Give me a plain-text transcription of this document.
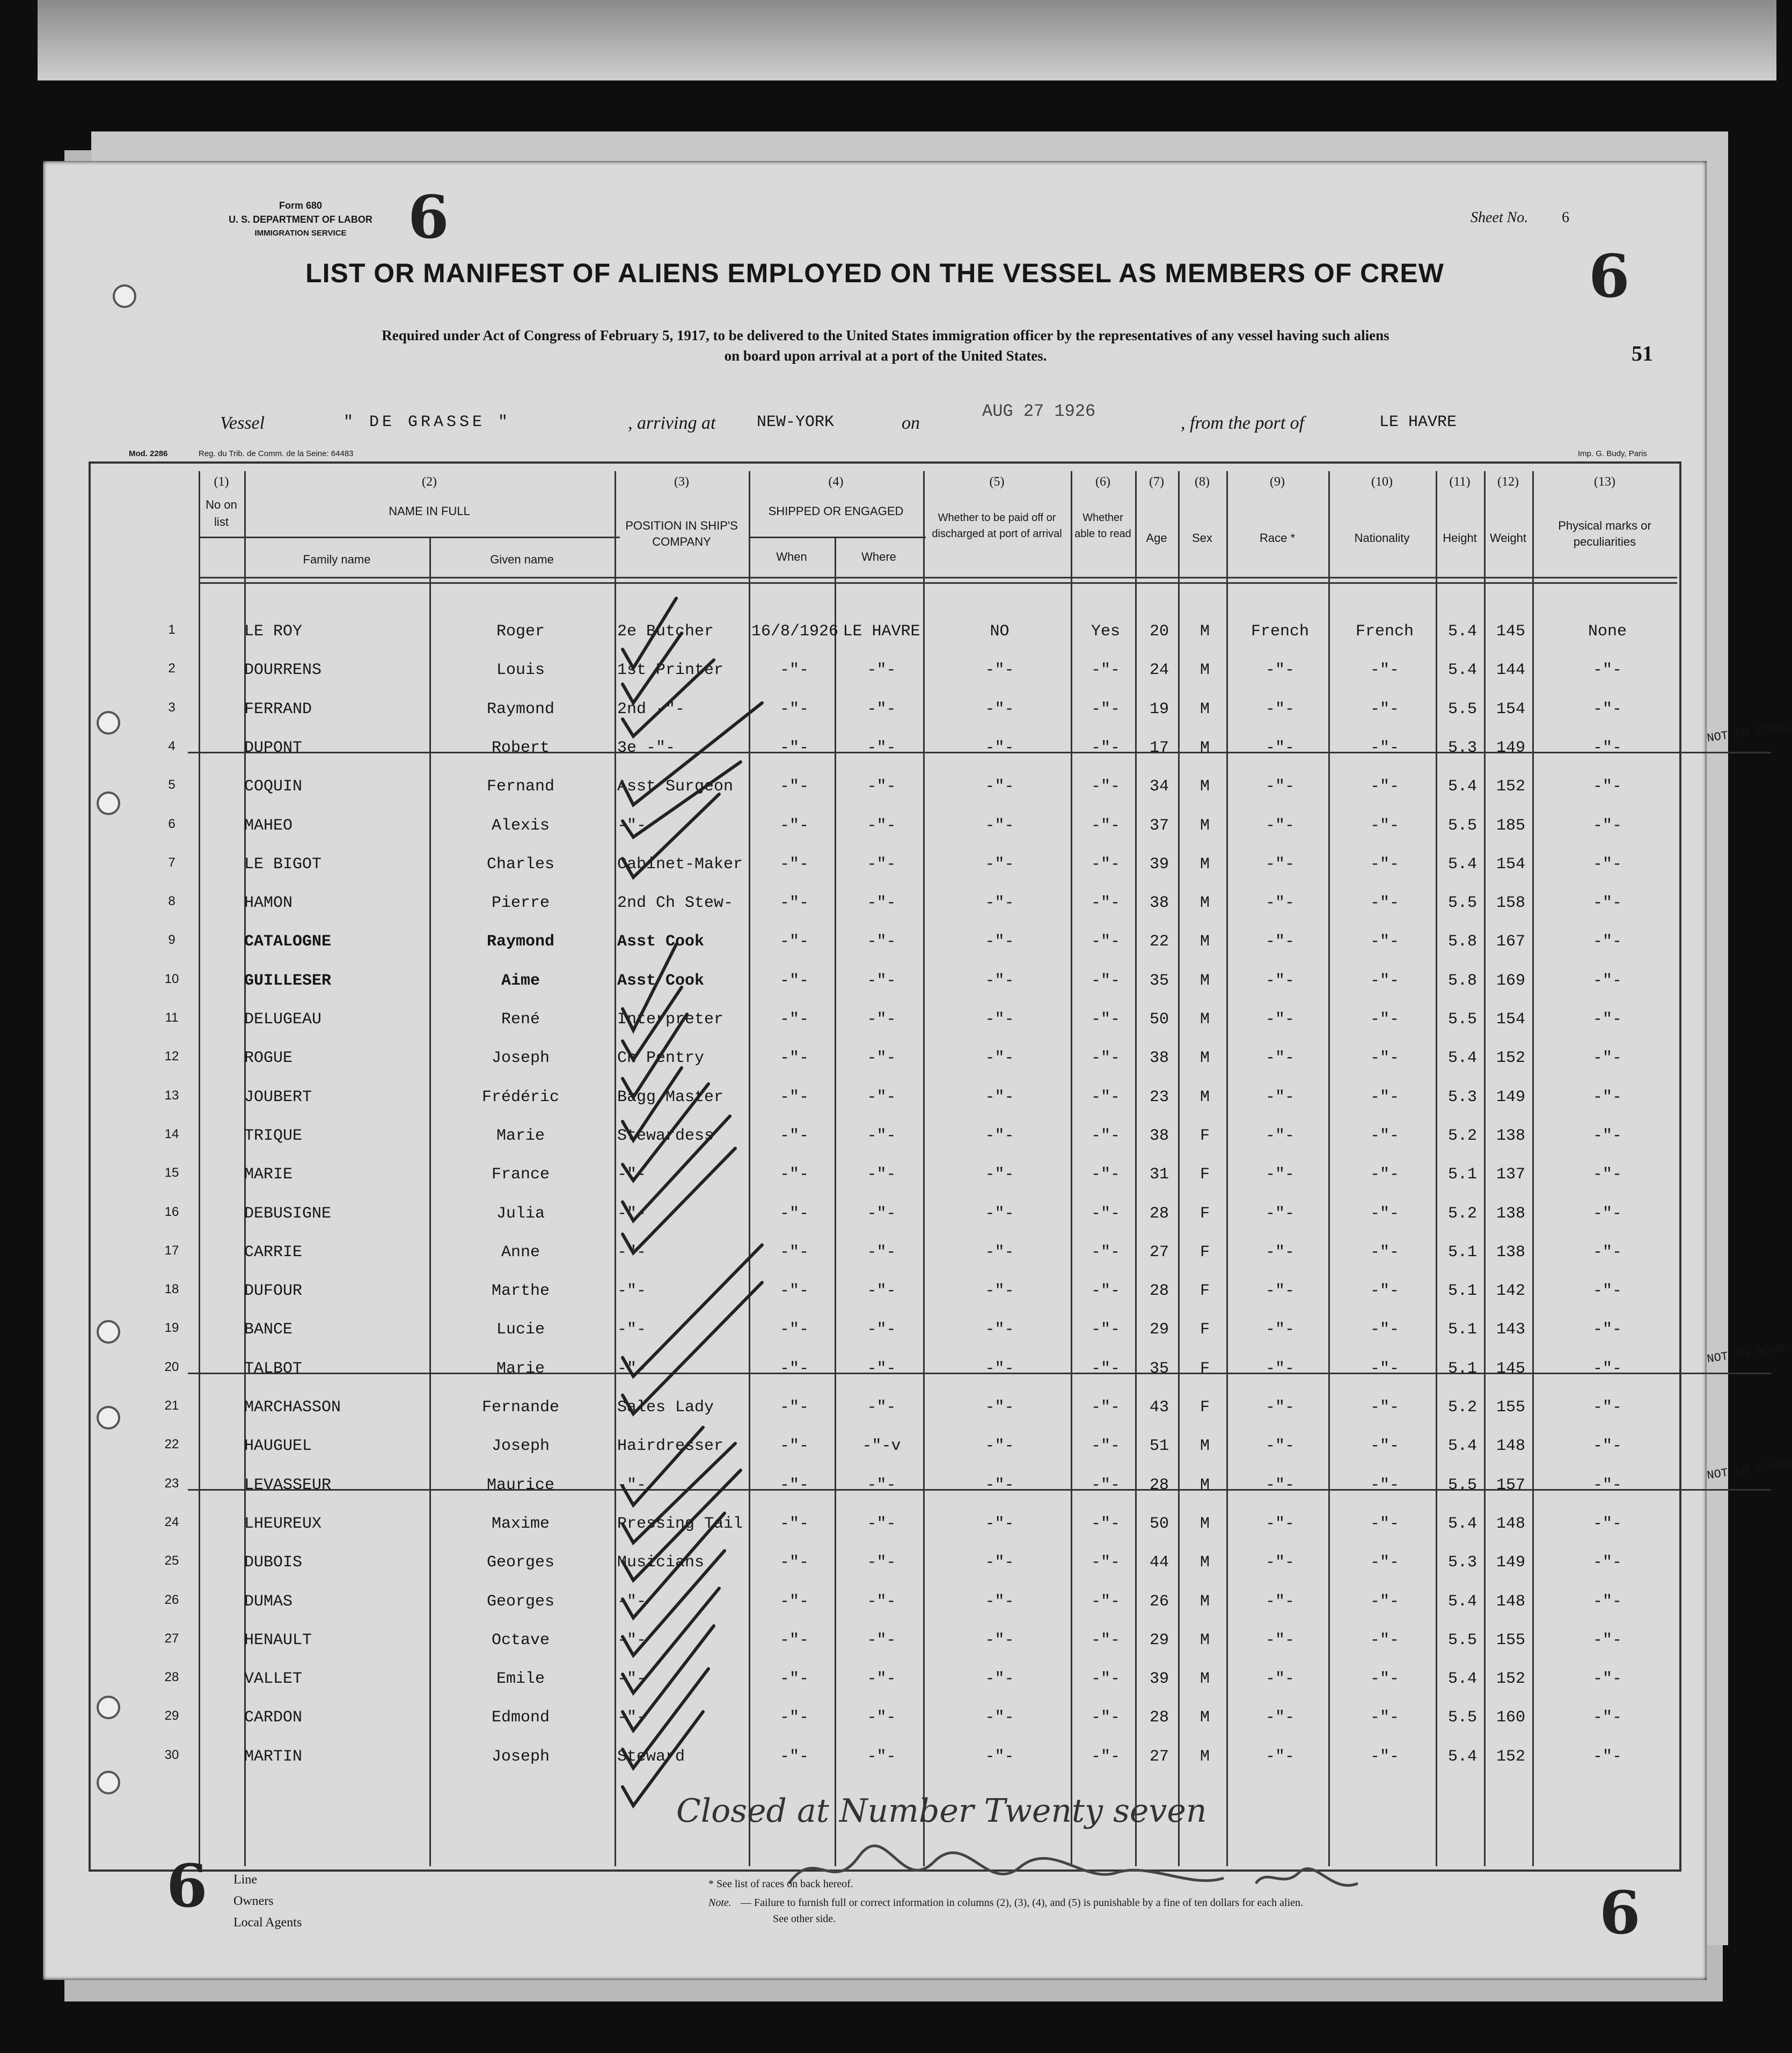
Form 680
U. S. DEPARTMENT OF LABOR
IMMIGRATION SERVICE	6	Sheet No. 6
6
51
LIST OR MANIFEST OF ALIENS EMPLOYED ON THE VESSEL AS MEMBERS OF CREW
Required under Act of Congress of February 5, 1917, to be delivered to the United States immigration officer by the representatives of any vessel having such aliens
on board upon arrival at a port of the United States.
Vessel	" DE GRASSE "	, arriving at	NEW-YORK	on
AUG 27 1926
, from the port of	LE HAVRE
Mod. 2286	Reg. du Trib. de Comm. de la Seine: 64483	Imp. G. Budy, Paris
(1)
No on list
(2)
NAME IN FULL
Family name	Given name
(3)
POSITION IN SHIP'S COMPANY
(4)
SHIPPED OR ENGAGED
When	Where
(5)
Whether to be paid off or discharged at port of arrival
(6)
Whether able to read
(7)
Age
(8)
Sex
(9)
Race *
(10)
Nationality
(11)
Height
(12)
Weight
(13)
Physical marks or peculiarities
1	LE ROY	Roger	2e Butcher	16/8/1926 LE HAVRE	NO	Yes	20	M	French	French	5.4	145	None
2	DOURRENS	Louis	1st Printer	-"-	-"-	-"-	-"-	24	M	-"-	-"-	5.4	144	-"-
3	FERRAND	Raymond	2nd -"-	-"-	-"-	-"-	-"-	19	M	-"-	-"-	5.5	154	-"-
4	DUPONT	Robert	3e -"-	-"-	-"-	-"-	-"-	17	M	-"-	-"-	5.3	149	-"-
NOT ON BOARD
5	COQUIN	Fernand	Asst Surgeon	-"-	-"-	-"-	-"-	34	M	-"-	-"-	5.4	152	-"-
6	MAHEO	Alexis	-"-	-"-	-"-	-"-	-"-	37	M	-"-	-"-	5.5	185	-"-
7	LE BIGOT	Charles	Cabinet-Maker	-"-	-"-	-"-	-"-	39	M	-"-	-"-	5.4	154	-"-
8	HAMON	Pierre	2nd Ch Stew-	-"-	-"-	-"-	-"-	38	M	-"-	-"-	5.5	158	-"-
9	CATALOGNE	Raymond	Asst Cook	-"-	-"-	-"-	-"-	22	M	-"-	-"-	5.8	167	-"-
10	GUILLESER	Aime	Asst Cook	-"-	-"-	-"-	-"-	35	M	-"-	-"-	5.8	169	-"-
11	DELUGEAU	René	Interpreter	-"-	-"-	-"-	-"-	50	M	-"-	-"-	5.5	154	-"-
12	ROGUE	Joseph	Ch Pentry	-"-	-"-	-"-	-"-	38	M	-"-	-"-	5.4	152	-"-
13	JOUBERT	Frédéric	Bagg.Master	-"-	-"-	-"-	-"-	23	M	-"-	-"-	5.3	149	-"-
14	TRIQUE	Marie	Stewardess	-"-	-"-	-"-	-"-	38	F	-"-	-"-	5.2	138	-"-
15	MARIE	France	-"-	-"-	-"-	-"-	-"-	31	F	-"-	-"-	5.1	137	-"-
16	DEBUSIGNE	Julia	-"-	-"-	-"-	-"-	-"-	28	F	-"-	-"-	5.2	138	-"-
17	CARRIE	Anne	-"-	-"-	-"-	-"-	-"-	27	F	-"-	-"-	5.1	138	-"-
18	DUFOUR	Marthe	-"-	-"-	-"-	-"-	-"-	28	F	-"-	-"-	5.1	142	-"-
19	BANCE	Lucie	-"-	-"-	-"-	-"-	-"-	29	F	-"-	-"-	5.1	143	-"-
20	TALBOT	Marie	-"-	-"-	-"-	-"-	-"-	35	F	-"-	-"-	5.1	145	-"-
NOT ON BOARD
21	MARCHASSON	Fernande	Sales Lady	-"-	-"-	-"-	-"-	43	F	-"-	-"-	5.2	155	-"-
22	HAUGUEL	Joseph	Hairdresser	-"-	-"-v	-"-	-"-	51	M	-"-	-"-	5.4	148	-"-
23	LEVASSEUR	Maurice	-"-	-"-	-"-	-"-	-"-	28	M	-"-	-"-	5.5	157	-"-
NOT ON BOARD
24	LHEUREUX	Maxime	Pressing Tail	-"-	-"-	-"-	-"-	50	M	-"-	-"-	5.4	148	-"-
25	DUBOIS	Georges	Musicians	-"-	-"-	-"-	-"-	44	M	-"-	-"-	5.3	149	-"-
26	DUMAS	Georges	-"-	-"-	-"-	-"-	-"-	26	M	-"-	-"-	5.4	148	-"-
27	HENAULT	Octave	-"-	-"-	-"-	-"-	-"-	29	M	-"-	-"-	5.5	155	-"-
28	VALLET	Emile	-"-	-"-	-"-	-"-	-"-	39	M	-"-	-"-	5.4	152	-"-
29	CARDON	Edmond	-"-	-"-	-"-	-"-	-"-	28	M	-"-	-"-	5.5	160	-"-
30	MARTIN	Joseph	Steward	-"-	-"-	-"-	-"-	27	M	-"-	-"-	5.4	152	-"-
Closed at Number Twenty seven
6 Line
Owners
Local Agents
* See list of races on back hereof.
Note. — Failure to furnish full or correct information in columns (2), (3), (4), and (5) is punishable by a fine of ten dollars for each alien.
See other side.	6
